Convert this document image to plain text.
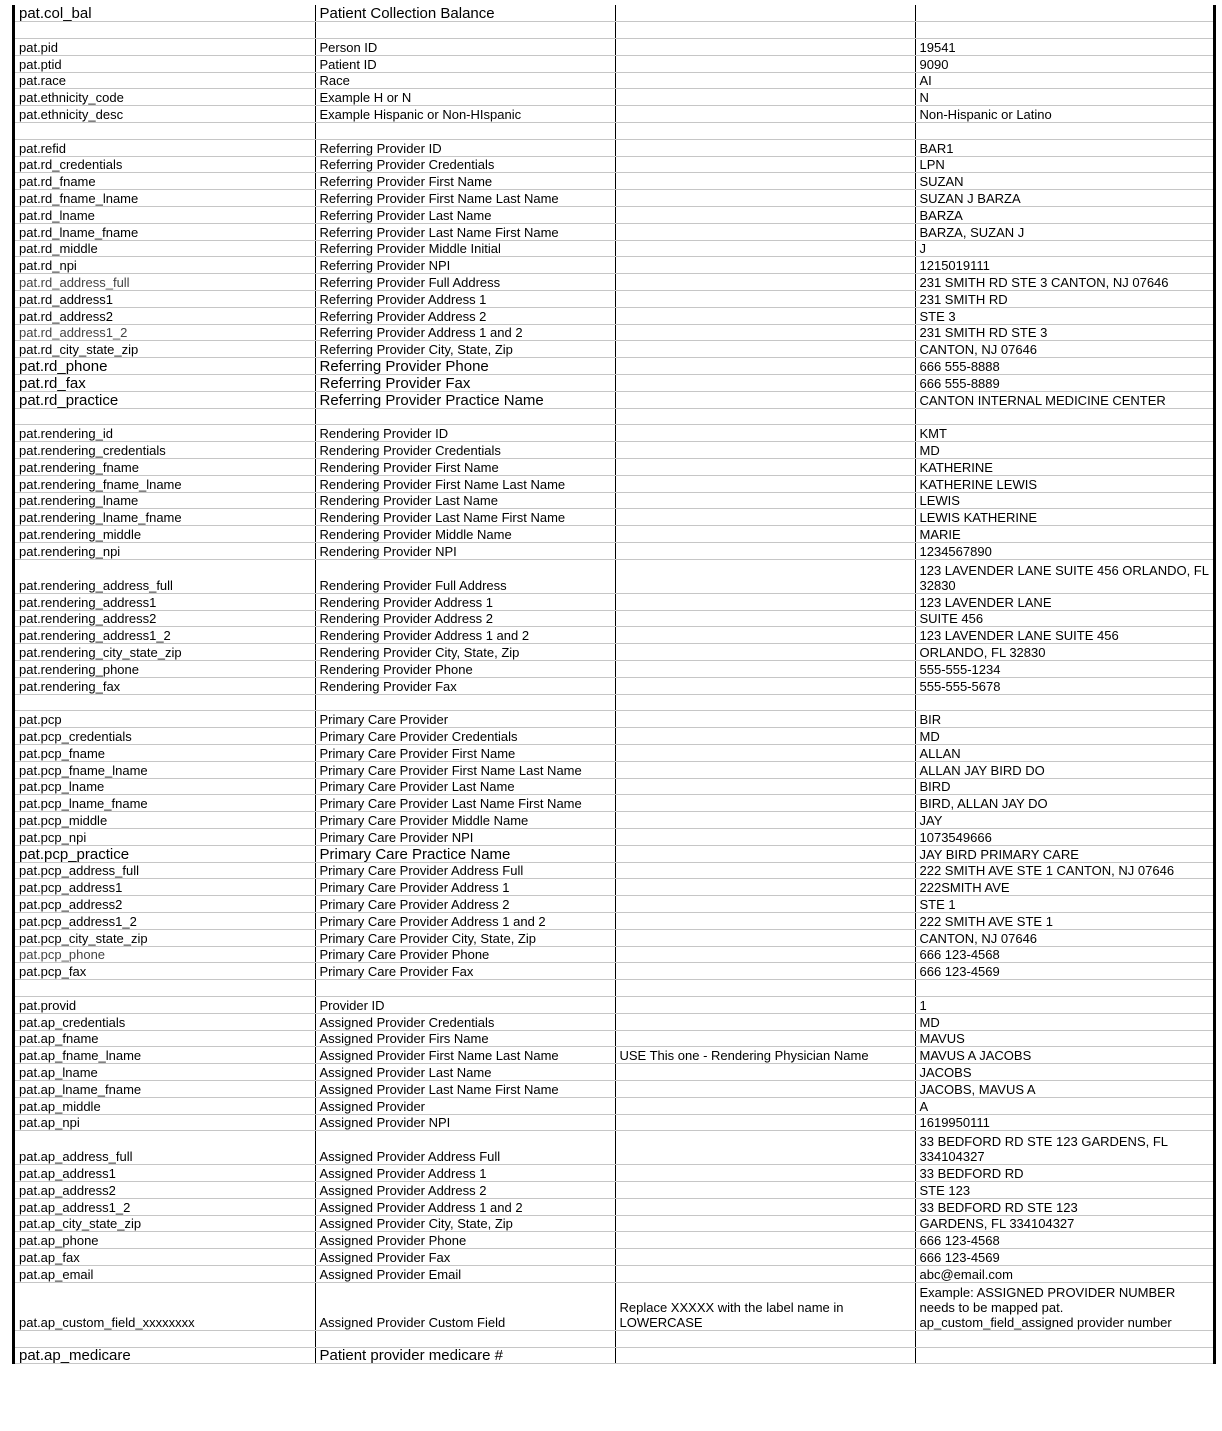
pat.col_bal	Patient Collection Balance		

pat.pid	Person ID		19541
pat.ptid	Patient ID		9090
pat.race	Race		AI
pat.ethnicity_code	Example H or N		N
pat.ethnicity_desc	Example Hispanic or Non-HIspanic		Non-Hispanic or Latino

pat.refid	Referring Provider ID		BAR1
pat.rd_credentials	Referring Provider Credentials		LPN
pat.rd_fname	Referring Provider First Name		SUZAN
pat.rd_fname_lname	Referring Provider First Name Last Name		SUZAN J BARZA
pat.rd_lname	Referring Provider Last Name		BARZA
pat.rd_lname_fname	Referring Provider Last Name First Name		BARZA, SUZAN J
pat.rd_middle	Referring Provider Middle Initial		J
pat.rd_npi	Referring Provider NPI		1215019111
pat.rd_address_full	Referring Provider Full Address		231 SMITH RD STE 3 CANTON, NJ 07646
pat.rd_address1	Referring Provider Address 1		231 SMITH RD
pat.rd_address2	Referring Provider Address 2		STE 3
pat.rd_address1_2	Referring Provider Address 1 and 2		231 SMITH RD STE 3
pat.rd_city_state_zip	Referring Provider City, State, Zip		CANTON, NJ 07646
pat.rd_phone	Referring Provider Phone		666 555-8888
pat.rd_fax	Referring Provider Fax		666 555-8889
pat.rd_practice	Referring Provider Practice Name		CANTON INTERNAL MEDICINE CENTER

pat.rendering_id	Rendering Provider ID		KMT
pat.rendering_credentials	Rendering Provider Credentials		MD
pat.rendering_fname	Rendering Provider First Name		KATHERINE
pat.rendering_fname_lname	Rendering Provider First Name Last Name		KATHERINE LEWIS
pat.rendering_lname	Rendering Provider Last Name		LEWIS
pat.rendering_lname_fname	Rendering Provider Last Name First Name		LEWIS KATHERINE
pat.rendering_middle	Rendering Provider Middle Name		MARIE
pat.rendering_npi	Rendering Provider NPI		1234567890
pat.rendering_address_full	Rendering Provider Full Address		123 LAVENDER LANE SUITE 456 ORLANDO, FL 32830
pat.rendering_address1	Rendering Provider Address 1		123 LAVENDER LANE
pat.rendering_address2	Rendering Provider Address 2		SUITE 456
pat.rendering_address1_2	Rendering Provider Address 1 and 2		123 LAVENDER LANE SUITE 456
pat.rendering_city_state_zip	Rendering Provider City, State, Zip		ORLANDO, FL 32830
pat.rendering_phone	Rendering Provider Phone		555-555-1234
pat.rendering_fax	Rendering Provider Fax		555-555-5678

pat.pcp	Primary Care Provider		BIR
pat.pcp_credentials	Primary Care Provider Credentials		MD
pat.pcp_fname	Primary Care Provider First Name		ALLAN
pat.pcp_fname_lname	Primary Care Provider First Name Last Name		ALLAN JAY BIRD DO
pat.pcp_lname	Primary Care Provider Last Name		BIRD
pat.pcp_lname_fname	Primary Care Provider Last Name First Name		BIRD, ALLAN JAY DO
pat.pcp_middle	Primary Care Provider Middle Name		JAY
pat.pcp_npi	Primary Care Provider NPI		1073549666
pat.pcp_practice	Primary Care Practice Name		JAY BIRD PRIMARY CARE
pat.pcp_address_full	Primary Care Provider Address Full		222 SMITH AVE STE 1 CANTON, NJ 07646
pat.pcp_address1	Primary Care Provider Address 1		222SMITH AVE
pat.pcp_address2	Primary Care Provider Address 2		STE 1
pat.pcp_address1_2	Primary Care Provider Address 1 and 2		222 SMITH AVE STE 1
pat.pcp_city_state_zip	Primary Care Provider City, State, Zip		CANTON, NJ 07646
pat.pcp_phone	Primary Care Provider Phone		666 123-4568
pat.pcp_fax	Primary Care Provider Fax		666 123-4569

pat.provid	Provider ID		1
pat.ap_credentials	Assigned Provider Credentials		MD
pat.ap_fname	Assigned Provider Firs Name		MAVUS
pat.ap_fname_lname	Assigned Provider First Name Last Name	USE This one - Rendering Physician Name	MAVUS A JACOBS
pat.ap_lname	Assigned Provider Last Name		JACOBS
pat.ap_lname_fname	Assigned Provider Last Name First Name		JACOBS, MAVUS A
pat.ap_middle	Assigned Provider		A
pat.ap_npi	Assigned Provider NPI		1619950111
pat.ap_address_full	Assigned Provider Address Full		33 BEDFORD RD STE 123 GARDENS, FL 334104327
pat.ap_address1	Assigned Provider Address 1		33 BEDFORD RD
pat.ap_address2	Assigned Provider Address 2		STE 123
pat.ap_address1_2	Assigned Provider Address 1 and 2		33 BEDFORD RD STE 123
pat.ap_city_state_zip	Assigned Provider City, State, Zip		GARDENS, FL 334104327
pat.ap_phone	Assigned Provider Phone		666 123-4568
pat.ap_fax	Assigned Provider Fax		666 123-4569
pat.ap_email	Assigned Provider Email		abc@email.com
pat.ap_custom_field_xxxxxxxx	Assigned Provider Custom Field	Replace XXXXX with the label name in LOWERCASE	Example: ASSIGNED PROVIDER NUMBER needs to be mapped pat. ap_custom_field_assigned provider number

pat.ap_medicare	Patient provider medicare #		
